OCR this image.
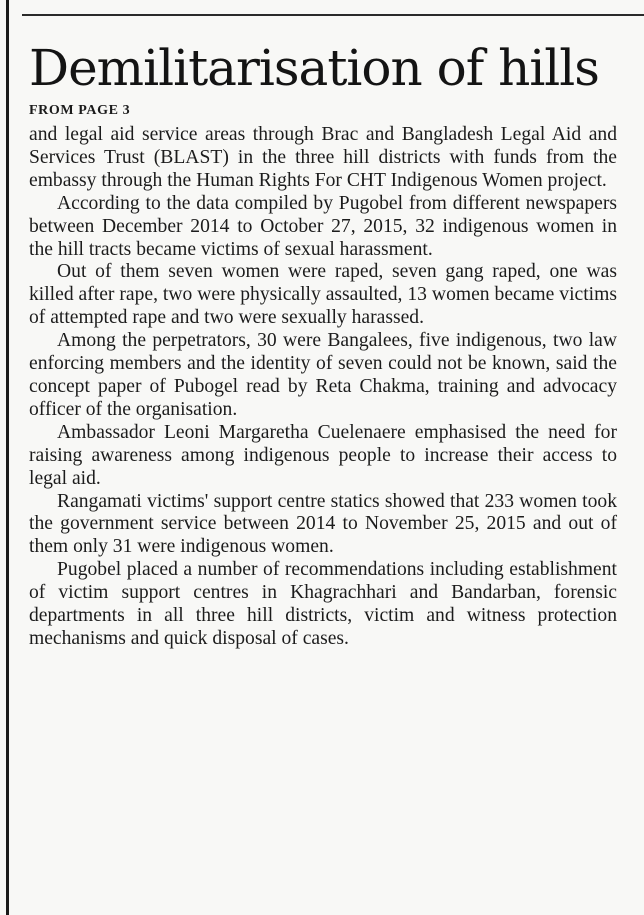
Demilitarisation of hills
FROM PAGE 3

and legal aid service areas through Brac and Bangladesh Legal Aid and Services Trust (BLAST) in the three hill districts with funds from the embassy through the Human Rights For CHT Indigenous Women project.

According to the data compiled by Pugobel from different newspapers between December 2014 to October 27, 2015, 32 indigenous women in the hill tracts became victims of sexual harassment.

Out of them seven women were raped, seven gang raped, one was killed after rape, two were physically assaulted, 13 women became victims of attempted rape and two were sexually harassed.

Among the perpetrators, 30 were Bangalees, five indigenous, two law enforcing members and the identity of seven could not be known, said the concept paper of Pubogel read by Reta Chakma, training and advocacy officer of the organisation.

Ambassador Leoni Margaretha Cuelenaere emphasised the need for raising awareness among indigenous people to increase their access to legal aid.

Rangamati victims' support centre statics showed that 233 women took the government service between 2014 to November 25, 2015 and out of them only 31 were indigenous women.

Pugobel placed a number of recommendations including establishment of victim support centres in Khagrachhari and Bandarban, forensic departments in all three hill districts, victim and witness protection mechanisms and quick disposal of cases.
